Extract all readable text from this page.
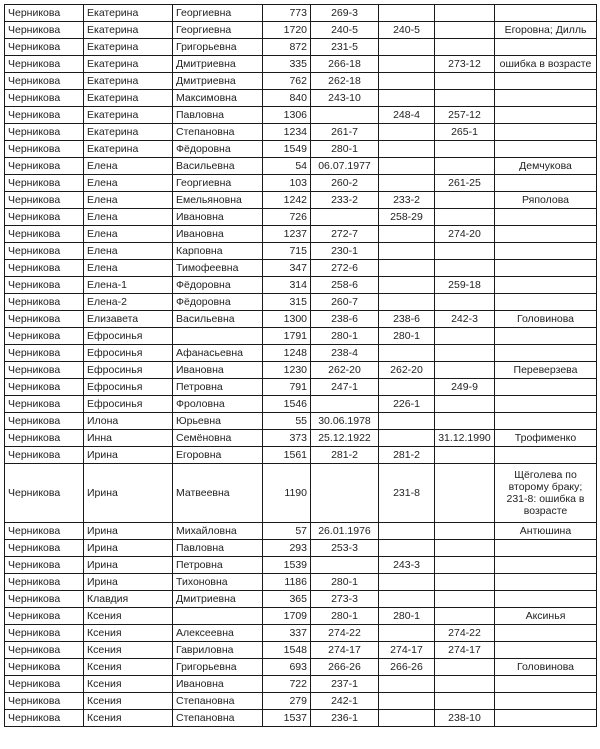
Черникова	Екатерина	Георгиевна	773	269-3			
Черникова	Екатерина	Георгиевна	1720	240-5	240-5		Егоровна; Дилль
Черникова	Екатерина	Григорьевна	872	231-5			
Черникова	Екатерина	Дмитриевна	335	266-18		273-12	ошибка в возрасте
Черникова	Екатерина	Дмитриевна	762	262-18			
Черникова	Екатерина	Максимовна	840	243-10			
Черникова	Екатерина	Павловна	1306		248-4	257-12	
Черникова	Екатерина	Степановна	1234	261-7		265-1	
Черникова	Екатерина	Фёдоровна	1549	280-1			
Черникова	Елена	Васильевна	54	06.07.1977			Демчукова
Черникова	Елена	Георгиевна	103	260-2		261-25	
Черникова	Елена	Емельяновна	1242	233-2	233-2		Ряполова
Черникова	Елена	Ивановна	726		258-29		
Черникова	Елена	Ивановна	1237	272-7		274-20	
Черникова	Елена	Карповна	715	230-1			
Черникова	Елена	Тимофеевна	347	272-6			
Черникова	Елена-1	Фёдоровна	314	258-6		259-18	
Черникова	Елена-2	Фёдоровна	315	260-7			
Черникова	Елизавета	Васильевна	1300	238-6	238-6	242-3	Головинова
Черникова	Ефросинья		1791	280-1	280-1		
Черникова	Ефросинья	Афанасьевна	1248	238-4			
Черникова	Ефросинья	Ивановна	1230	262-20	262-20		Переверзева
Черникова	Ефросинья	Петровна	791	247-1		249-9	
Черникова	Ефросинья	Фроловна	1546		226-1		
Черникова	Илона	Юрьевна	55	30.06.1978			
Черникова	Инна	Семёновна	373	25.12.1922		31.12.1990	Трофименко
Черникова	Ирина	Егоровна	1561	281-2	281-2		
Черникова	Ирина	Матвеевна	1190		231-8		Щёголева по второму браку; 231-8: ошибка в возрасте
Черникова	Ирина	Михайловна	57	26.01.1976			Антюшина
Черникова	Ирина	Павловна	293	253-3			
Черникова	Ирина	Петровна	1539		243-3		
Черникова	Ирина	Тихоновна	1186	280-1			
Черникова	Клавдия	Дмитриевна	365	273-3			
Черникова	Ксения		1709	280-1	280-1		Аксинья
Черникова	Ксения	Алексеевна	337	274-22		274-22	
Черникова	Ксения	Гавриловна	1548	274-17	274-17	274-17	
Черникова	Ксения	Григорьевна	693	266-26	266-26		Головинова
Черникова	Ксения	Ивановна	722	237-1			
Черникова	Ксения	Степановна	279	242-1			
Черникова	Ксения	Степановна	1537	236-1		238-10	
